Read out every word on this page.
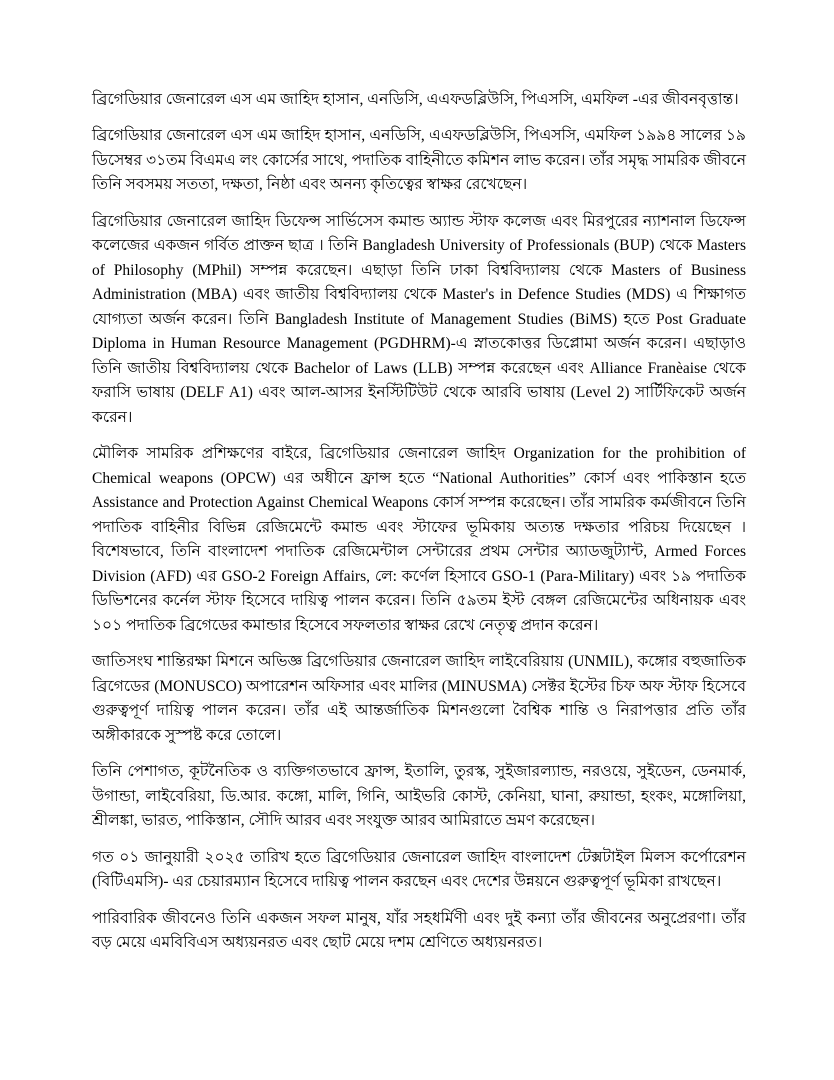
ব্রিগেডিয়ার জেনারেল এস এম জাহিদ হাসান, এনডিসি, এএফডব্লিউসি, পিএসসি, এমফিল -এর জীবনবৃত্তান্ত।

ব্রিগেডিয়ার জেনারেল এস এম জাহিদ হাসান, এনডিসি, এএফডব্লিউসি, পিএসসি, এমফিল ১৯৯৪ সালের ১৯ ডিসেম্বর ৩১তম বিএমএ লং কোর্সের সাথে, পদাতিক বাহিনীতে কমিশন লাভ করেন। তাঁর সমৃদ্ধ সামরিক জীবনে তিনি সবসময় সততা, দক্ষতা, নিষ্ঠা এবং অনন্য কৃতিত্বের স্বাক্ষর রেখেছেন।

ব্রিগেডিয়ার জেনারেল জাহিদ ডিফেন্স সার্ভিসেস কমান্ড অ্যান্ড স্টাফ কলেজ এবং মিরপুরের ন্যাশনাল ডিফেন্স কলেজের একজন গর্বিত প্রাক্তন ছাত্র । তিনি Bangladesh University of Professionals (BUP) থেকে Masters of Philosophy (MPhil) সম্পন্ন করেছেন। এছাড়া তিনি ঢাকা বিশ্ববিদ্যালয় থেকে Masters of Business Administration (MBA) এবং জাতীয় বিশ্ববিদ্যালয় থেকে Master's in Defence Studies (MDS) এ শিক্ষাগত যোগ্যতা অর্জন করেন। তিনি Bangladesh Institute of Management Studies (BiMS) হতে Post Graduate Diploma in Human Resource Management (PGDHRM)-এ স্নাতকোত্তর ডিপ্লোমা অর্জন করেন। এছাড়াও তিনি জাতীয় বিশ্ববিদ্যালয় থেকে Bachelor of Laws (LLB) সম্পন্ন করেছেন এবং Alliance Franèaise থেকে ফরাসি ভাষায় (DELF A1) এবং আল-আসর ইনস্টিটিউট থেকে আরবি ভাষায় (Level 2) সার্টিফিকেট অর্জন করেন।

মৌলিক সামরিক প্রশিক্ষণের বাইরে, ব্রিগেডিয়ার জেনারেল জাহিদ Organization for the prohibition of Chemical weapons (OPCW) এর অধীনে ফ্রান্স হতে “National Authorities” কোর্স এবং পাকিস্তান হতে Assistance and Protection Against Chemical Weapons কোর্স সম্পন্ন করেছেন। তাঁর সামরিক কর্মজীবনে তিনি পদাতিক বাহিনীর বিভিন্ন রেজিমেন্টে কমান্ড এবং স্টাফের ভূমিকায় অত্যন্ত দক্ষতার পরিচয় দিয়েছেন । বিশেষভাবে, তিনি বাংলাদেশ পদাতিক রেজিমেন্টাল সেন্টারের প্রথম সেন্টার অ্যাডজুট্যান্ট, Armed Forces Division (AFD) এর GSO-2 Foreign Affairs, লে: কর্ণেল হিসাবে GSO-1 (Para-Military) এবং ১৯ পদাতিক ডিভিশনের কর্নেল স্টাফ হিসেবে দায়িত্ব পালন করেন। তিনি ৫৯তম ইস্ট বেঙ্গল রেজিমেন্টের অধিনায়ক এবং ১০১ পদাতিক ব্রিগেডের কমান্ডার হিসেবে সফলতার স্বাক্ষর রেখে নেতৃত্ব প্রদান করেন।

জাতিসংঘ শান্তিরক্ষা মিশনে অভিজ্ঞ ব্রিগেডিয়ার জেনারেল জাহিদ লাইবেরিয়ায় (UNMIL), কঙ্গোর বহুজাতিক ব্রিগেডের (MONUSCO) অপারেশন অফিসার এবং মালির (MINUSMA) সেক্টর ইস্টের চিফ অফ স্টাফ হিসেবে গুরুত্বপূর্ণ দায়িত্ব পালন করেন। তাঁর এই আন্তর্জাতিক মিশনগুলো বৈশ্বিক শান্তি ও নিরাপত্তার প্রতি তাঁর অঙ্গীকারকে সুস্পষ্ট করে তোলে।

তিনি পেশাগত, কূটনৈতিক ও ব্যক্তিগতভাবে ফ্রান্স, ইতালি, তুরস্ক, সুইজারল্যান্ড, নরওয়ে, সুইডেন, ডেনমার্ক, উগান্ডা, লাইবেরিয়া, ডি.আর. কঙ্গো, মালি, গিনি, আইভরি কোস্ট, কেনিয়া, ঘানা, রুয়ান্ডা, হংকং, মঙ্গোলিয়া, শ্রীলঙ্কা, ভারত, পাকিস্তান, সৌদি আরব এবং সংযুক্ত আরব আমিরাতে ভ্রমণ করেছেন।

গত ০১ জানুয়ারী ২০২৫ তারিখ হতে ব্রিগেডিয়ার জেনারেল জাহিদ বাংলাদেশ টেক্সটাইল মিলস কর্পোরেশন (বিটিএমসি)- এর চেয়ারম্যান হিসেবে দায়িত্ব পালন করছেন এবং দেশের উন্নয়নে গুরুত্বপূর্ণ ভূমিকা রাখছেন।

পারিবারিক জীবনেও তিনি একজন সফল মানুষ, যাঁর সহধর্মিণী এবং দুই কন্যা তাঁর জীবনের অনুপ্রেরণা। তাঁর বড় মেয়ে এমবিবিএস অধ্যয়নরত এবং ছোট মেয়ে দশম শ্রেণিতে অধ্যয়নরত।
